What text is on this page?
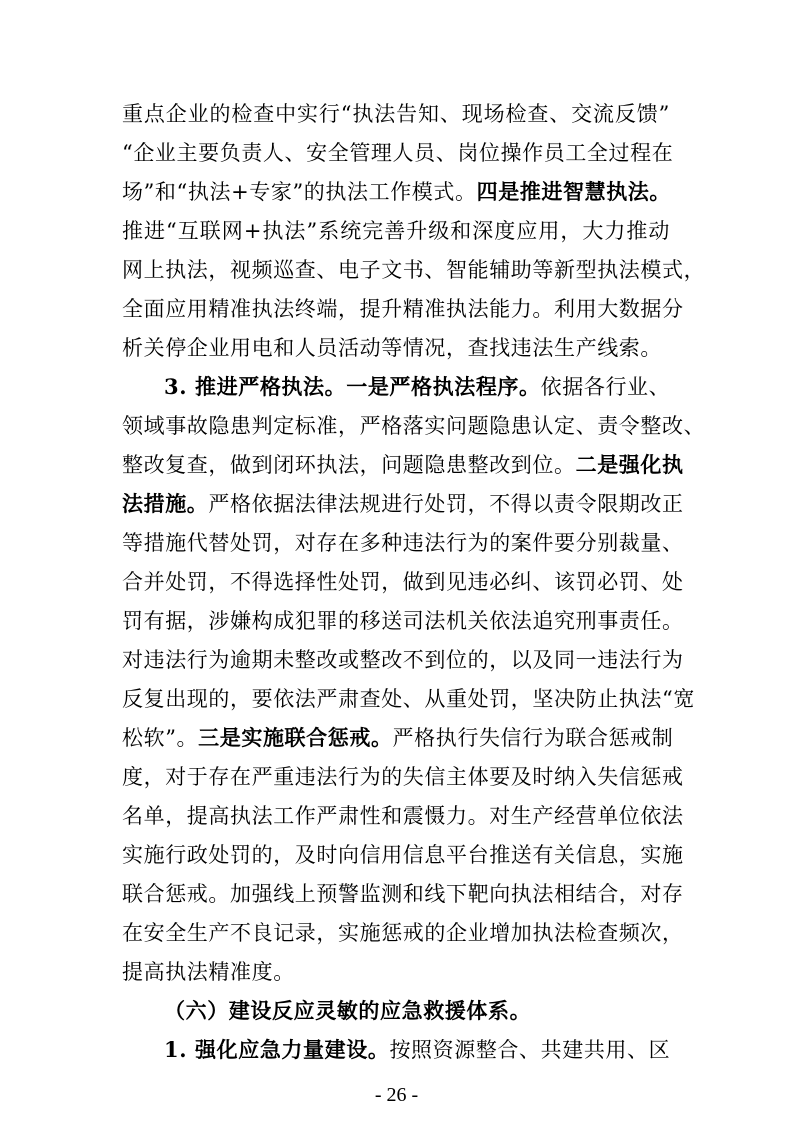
重点企业的检查中实行“执法告知、现场检查、交流反馈”
“企业主要负责人、安全管理人员、岗位操作员工全过程在
场”和“执法+专家”的执法工作模式。四是推进智慧执法。
推进“互联网+执法”系统完善升级和深度应用，大力推动
网上执法，视频巡查、电子文书、智能辅助等新型执法模式，
全面应用精准执法终端，提升精准执法能力。利用大数据分
析关停企业用电和人员活动等情况，查找违法生产线索。
3. 推进严格执法。一是严格执法程序。依据各行业、
领域事故隐患判定标准，严格落实问题隐患认定、责令整改、
整改复查，做到闭环执法，问题隐患整改到位。二是强化执
法措施。严格依据法律法规进行处罚，不得以责令限期改正
等措施代替处罚，对存在多种违法行为的案件要分别裁量、
合并处罚，不得选择性处罚，做到见违必纠、该罚必罚、处
罚有据，涉嫌构成犯罪的移送司法机关依法追究刑事责任。
对违法行为逾期未整改或整改不到位的，以及同一违法行为
反复出现的，要依法严肃查处、从重处罚，坚决防止执法“宽
松软”。三是实施联合惩戒。严格执行失信行为联合惩戒制
度，对于存在严重违法行为的失信主体要及时纳入失信惩戒
名单，提高执法工作严肃性和震慑力。对生产经营单位依法
实施行政处罚的，及时向信用信息平台推送有关信息，实施
联合惩戒。加强线上预警监测和线下靶向执法相结合，对存
在安全生产不良记录，实施惩戒的企业增加执法检查频次，
提高执法精准度。
（六）建设反应灵敏的应急救援体系。
1. 强化应急力量建设。按照资源整合、共建共用、区
- 26 -
